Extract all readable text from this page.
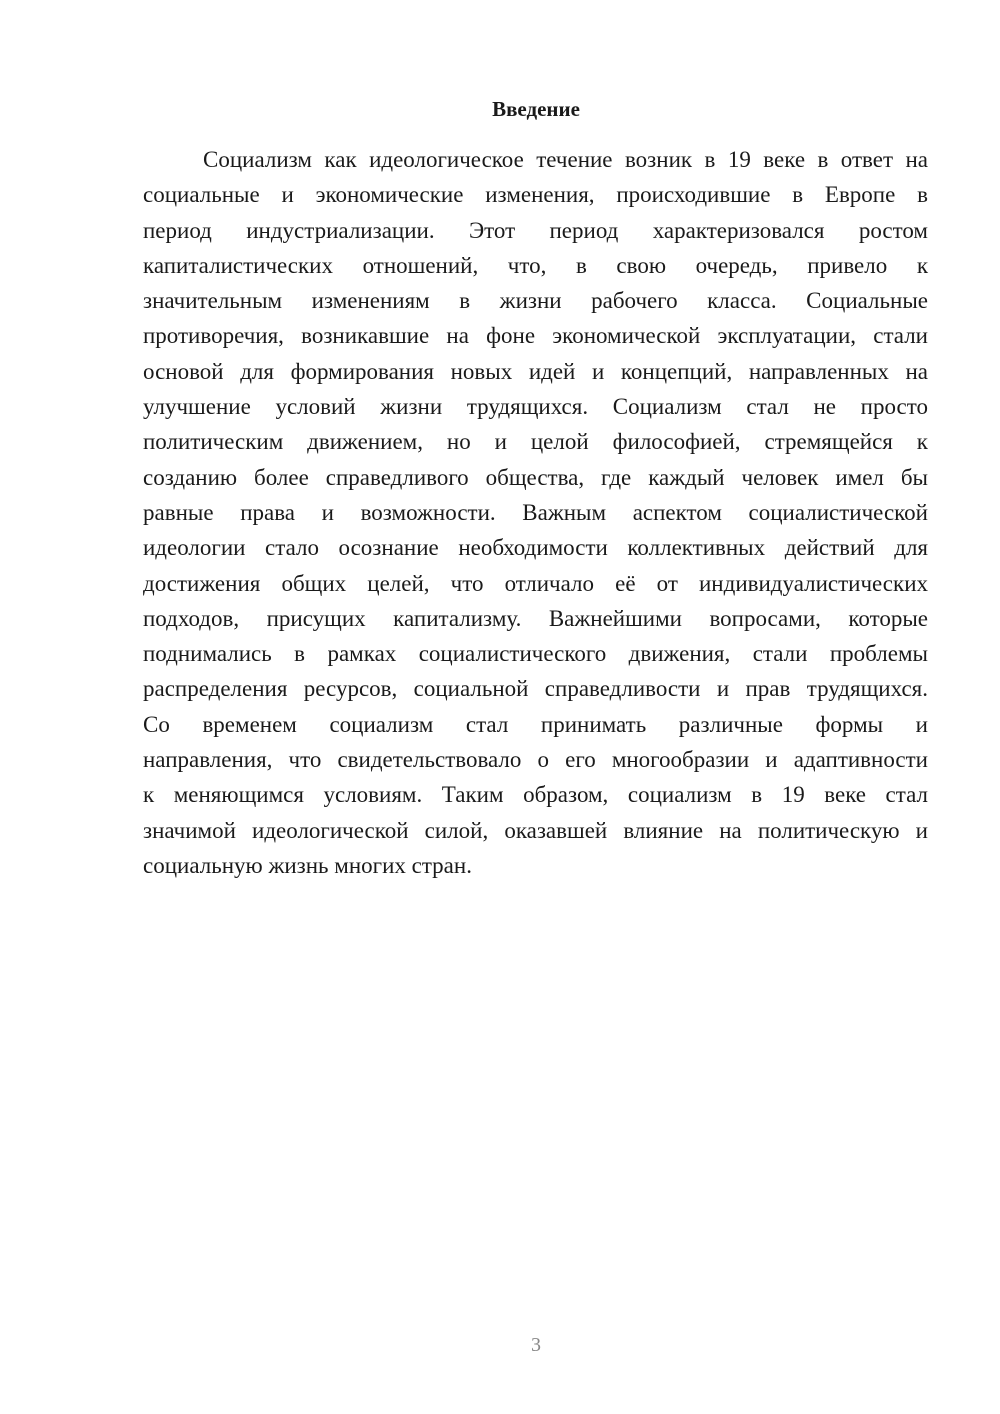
Введение
Социализм как идеологическое течение возник в 19 веке в ответ на
социальные и экономические изменения, происходившие в Европе в
период индустриализации. Этот период характеризовался ростом
капиталистических отношений, что, в свою очередь, привело к
значительным изменениям в жизни рабочего класса. Социальные
противоречия, возникавшие на фоне экономической эксплуатации, стали
основой для формирования новых идей и концепций, направленных на
улучшение условий жизни трудящихся. Социализм стал не просто
политическим движением, но и целой философией, стремящейся к
созданию более справедливого общества, где каждый человек имел бы
равные права и возможности. Важным аспектом социалистической
идеологии стало осознание необходимости коллективных действий для
достижения общих целей, что отличало её от индивидуалистических
подходов, присущих капитализму. Важнейшими вопросами, которые
поднимались в рамках социалистического движения, стали проблемы
распределения ресурсов, социальной справедливости и прав трудящихся.
Со временем социализм стал принимать различные формы и
направления, что свидетельствовало о его многообразии и адаптивности
к меняющимся условиям. Таким образом, социализм в 19 веке стал
значимой идеологической силой, оказавшей влияние на политическую и
социальную жизнь многих стран.
3
